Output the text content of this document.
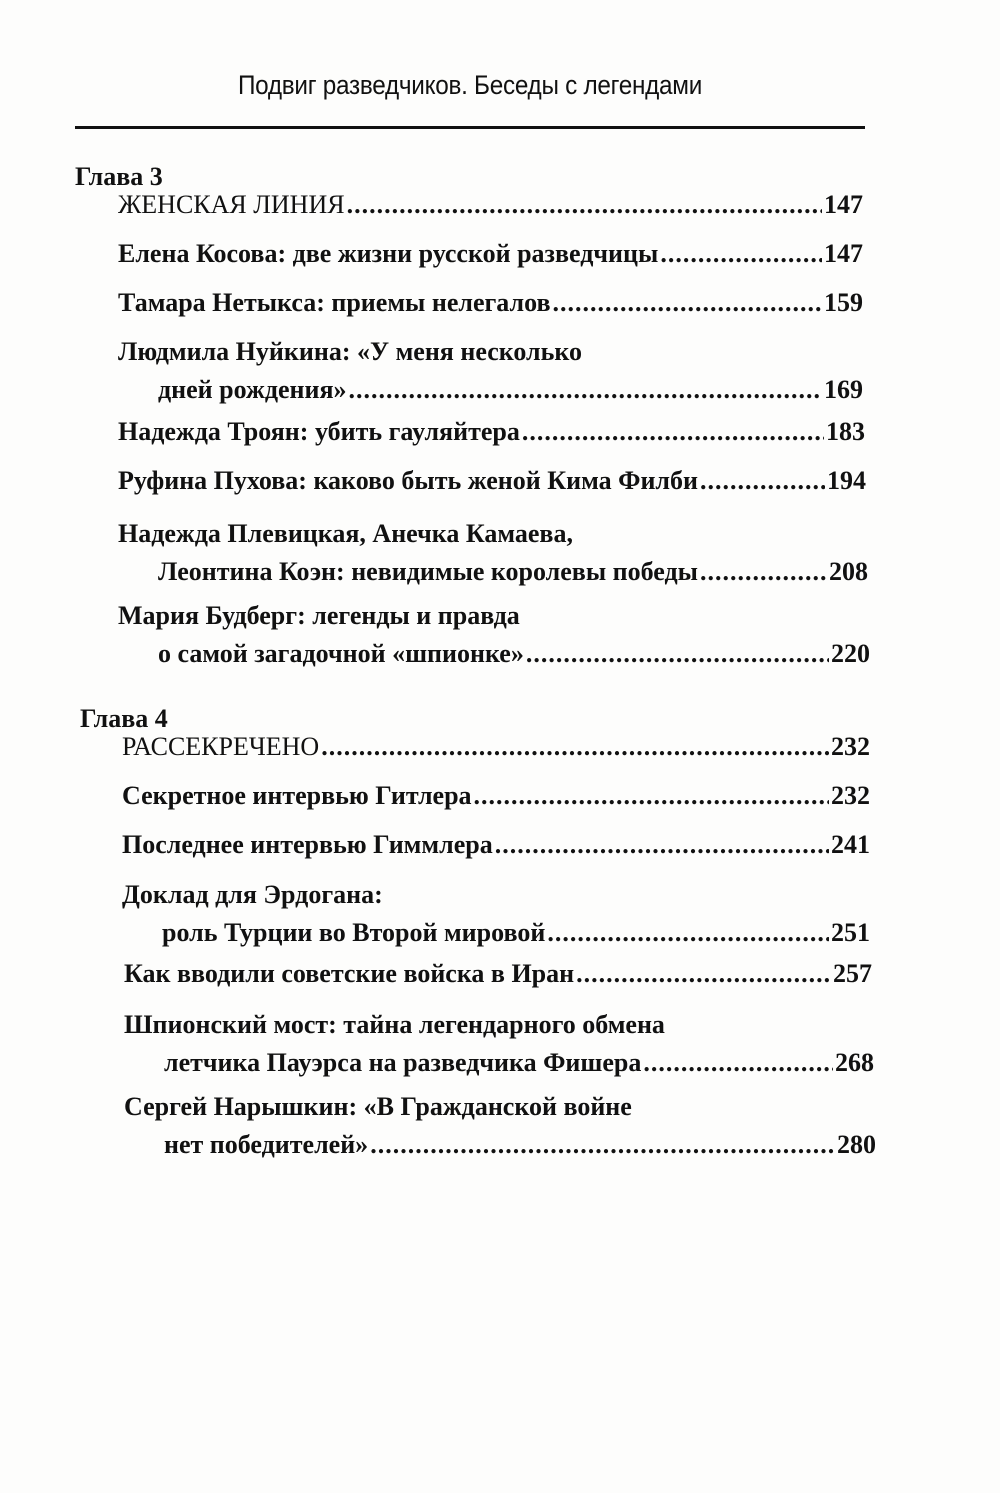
Подвиг разведчиков. Беседы с легендами
Глава 3
ЖЕНСКАЯ ЛИНИЯ .....	147
Елена Косова: две жизни русской разведчицы .....	147
Тамара Нетыкса: приемы нелегалов .....	159
Людмила Нуйкина: «У меня несколько
дней рождения» .....	169
Надежда Троян: убить гауляйтера .....	183
Руфина Пухова: каково быть женой Кима Филби .....	194
Надежда Плевицкая, Анечка Камаева,
Леонтина Коэн: невидимые королевы победы .....	208
Мария Будберг: легенды и правда
о самой загадочной «шпионке» .....	220
Глава 4
РАССЕКРЕЧЕНО .....	232
Секретное интервью Гитлера .....	232
Последнее интервью Гиммлера .....	241
Доклад для Эрдогана:
роль Турции во Второй мировой .....	251
Как вводили советские войска в Иран .....	257
Шпионский мост: тайна легендарного обмена
летчика Пауэрса на разведчика Фишера .....	268
Сергей Нарышкин: «В Гражданской войне
нет победителей» .....	280
